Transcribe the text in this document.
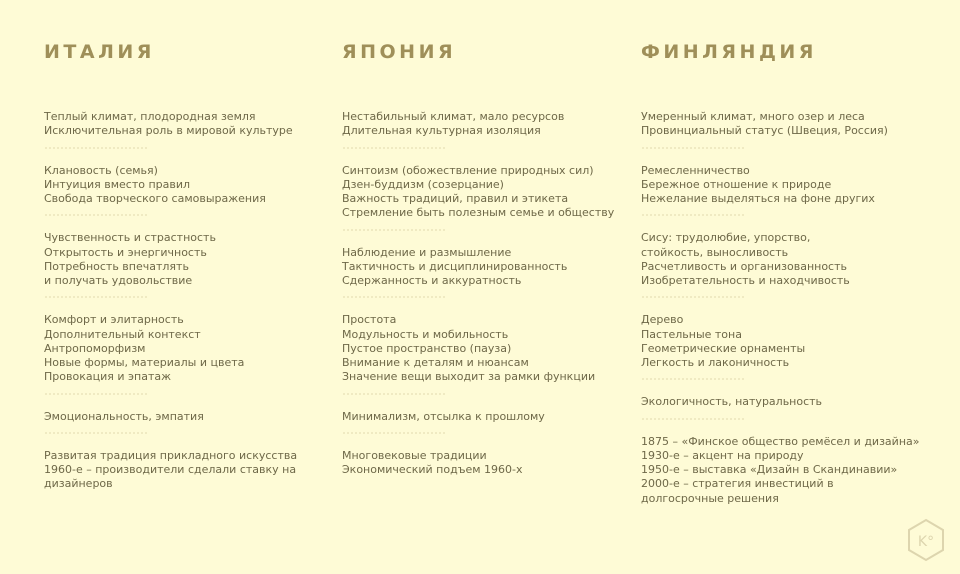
ИТАЛИЯ
Теплый климат, плодородная земля
Исключительная роль в мировой культуре
Клановость (семья)
Интуиция вместо правил
Свобода творческого самовыражения
Чувственность и страстность
Открытость и энергичность
Потребность впечатлять
и получать удовольствие
Комфорт и элитарность
Дополнительный контекст
Антропоморфизм
Новые формы, материалы и цвета
Провокация и эпатаж
Эмоциональность, эмпатия
Развитая традиция прикладного искусства
1960-е – производители сделали ставку на
дизайнеров
ЯПОНИЯ
Нестабильный климат, мало ресурсов
Длительная культурная изоляция
Синтоизм (обожествление природных сил)
Дзен-буддизм (созерцание)
Важность традиций, правил и этикета
Стремление быть полезным семье и обществу
Наблюдение и размышление
Тактичность и дисциплинированность
Сдержанность и аккуратность
Простота
Модульность и мобильность
Пустое пространство (пауза)
Внимание к деталям и нюансам
Значение вещи выходит за рамки функции
Минимализм, отсылка к прошлому
Многовековые традиции
Экономический подъем 1960-х
ФИНЛЯНДИЯ
Умеренный климат, много озер и леса
Провинциальный статус (Швеция, Россия)
Ремесленничество
Бережное отношение к природе
Нежелание выделяться на фоне других
Сису: трудолюбие, упорство,
стойкость, выносливость
Расчетливость и организованность
Изобретательность и находчивость
Дерево
Пастельные тона
Геометрические орнаменты
Легкость и лаконичность
Экологичность, натуральность
1875 – «Финское общество ремёсел и дизайна»
1930-е – акцент на природу
1950-е – выставка «Дизайн в Скандинавии»
2000-е – стратегия инвестиций в
долгосрочные решения
K°
